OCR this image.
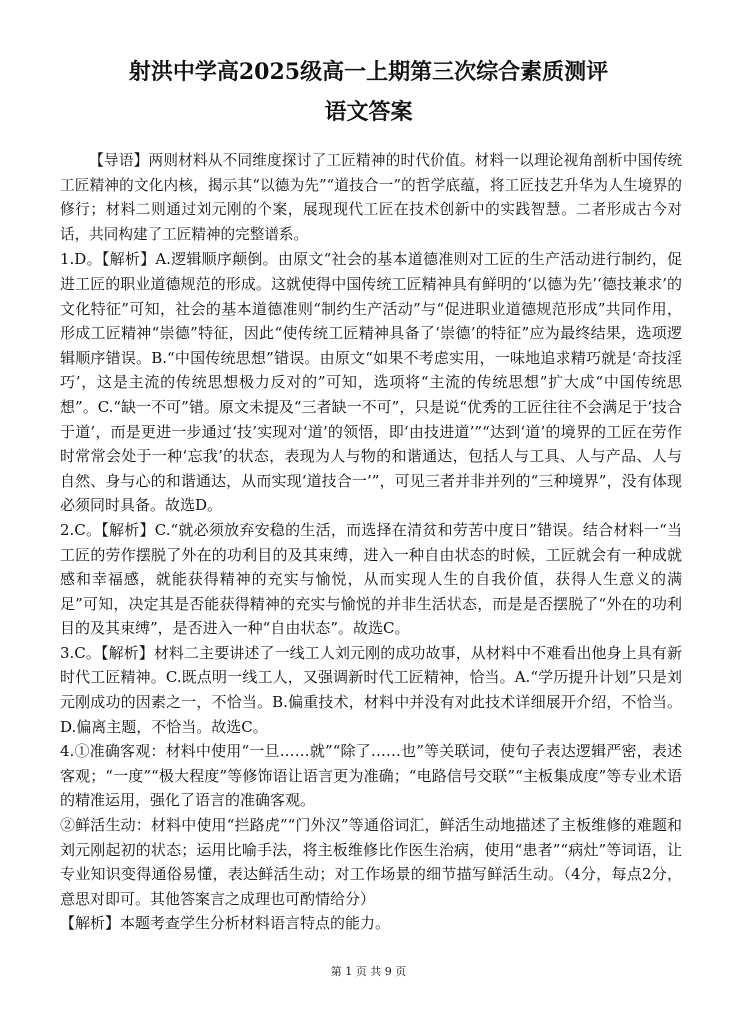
射洪中学高2025级高一上期第三次综合素质测评
语文答案

【导语】两则材料从不同维度探讨了工匠精神的时代价值。材料一以理论视角剖析中国传统工匠精神的文化内核，揭示其“以德为先”“道技合一”的哲学底蕴，将工匠技艺升华为人生境界的修行；材料二则通过刘元刚的个案，展现现代工匠在技术创新中的实践智慧。二者形成古今对话，共同构建了工匠精神的完整谱系。

1.D。【解析】A.逻辑顺序颠倒。由原文“社会的基本道德准则对工匠的生产活动进行制约，促进工匠的职业道德规范的形成。这就使得中国传统工匠精神具有鲜明的‘以德为先’‘德技兼求’的文化特征”可知，社会的基本道德准则“制约生产活动”与“促进职业道德规范形成”共同作用，形成工匠精神“崇德”特征，因此“使传统工匠精神具备了‘崇德’的特征”应为最终结果，选项逻辑顺序错误。B.“中国传统思想”错误。由原文“如果不考虑实用，一味地追求精巧就是‘奇技淫巧’，这是主流的传统思想极力反对的”可知，选项将“主流的传统思想”扩大成“中国传统思想”。C.“缺一不可”错。原文未提及“三者缺一不可”，只是说“优秀的工匠往往不会满足于‘技合于道’，而是更进一步通过‘技’实现对‘道’的领悟，即‘由技进道’”“达到‘道’的境界的工匠在劳作时常常会处于一种‘忘我’的状态，表现为人与物的和谐通达，包括人与工具、人与产品、人与自然、身与心的和谐通达，从而实现‘道技合一’”，可见三者并非并列的“三种境界”，没有体现必须同时具备。故选D。

2.C。【解析】C.“就必须放弃安稳的生活，而选择在清贫和劳苦中度日”错误。结合材料一“当工匠的劳作摆脱了外在的功利目的及其束缚，进入一种自由状态的时候，工匠就会有一种成就感和幸福感，就能获得精神的充实与愉悦，从而实现人生的自我价值，获得人生意义的满足”可知，决定其是否能获得精神的充实与愉悦的并非生活状态，而是是否摆脱了“外在的功利目的及其束缚”，是否进入一种“自由状态”。故选C。

3.C。【解析】材料二主要讲述了一线工人刘元刚的成功故事，从材料中不难看出他身上具有新时代工匠精神。C.既点明一线工人，又强调新时代工匠精神，恰当。A.“学历提升计划”只是刘元刚成功的因素之一，不恰当。B.偏重技术，材料中并没有对此技术详细展开介绍，不恰当。D.偏离主题，不恰当。故选C。

4.①准确客观：材料中使用“一旦……就”“除了……也”等关联词，使句子表达逻辑严密，表述客观；“一度”“极大程度”等修饰语让语言更为准确；“电路信号交联”“主板集成度”等专业术语的精准运用，强化了语言的准确客观。

②鲜活生动：材料中使用“拦路虎”“门外汉”等通俗词汇，鲜活生动地描述了主板维修的难题和刘元刚起初的状态；运用比喻手法，将主板维修比作医生治病，使用“患者”“病灶”等词语，让专业知识变得通俗易懂，表达鲜活生动；对工作场景的细节描写鲜活生动。（4分，每点2分，意思对即可。其他答案言之成理也可酌情给分）

【解析】本题考查学生分析材料语言特点的能力。

第 1 页 共 9 页
